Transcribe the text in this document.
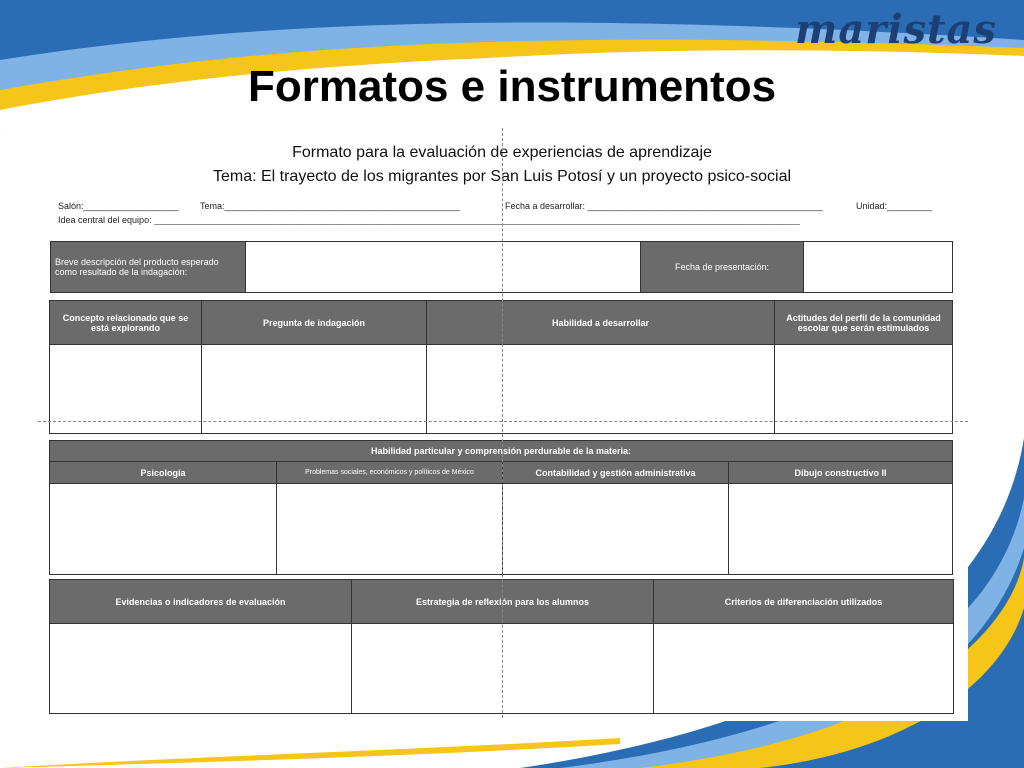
maristas
Formatos e instrumentos
Formato para la evaluación de experiencias de aprendizaje
Tema: El trayecto de los migrantes por San Luis Potosí y un proyecto psico-social
Salón:___________________ Tema:_______________________________________________	Fecha a desarrollar: _______________________________________________	Unidad:_________
Idea central del equipo: _________________________________________________________________________________________________________________________________
Breve descripción del producto esperado como resultado de la indagación:		Fecha de presentación:	
Concepto relacionado que se está explorando	Pregunta de indagación	Habilidad a desarrollar	Actitudes del perfil de la comunidad escolar que serán estimulados

Habilidad particular y comprensión perdurable de la materia:			
Psicología	Problemas sociales, económicos y políticos de México	Contabilidad y gestión administrativa	Dibujo constructivo II

Evidencias o indicadores de evaluación	Estrategia de reflexión para los alumnos	Criterios de diferenciación utilizados
